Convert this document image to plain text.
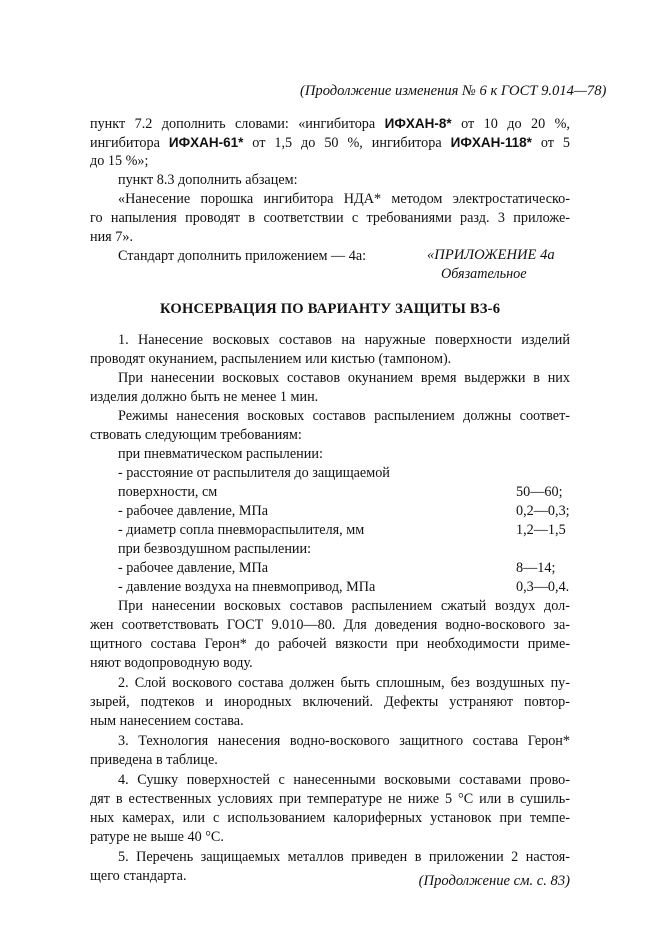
(Продолжение изменения № 6 к ГОСТ 9.014—78)
пункт 7.2 дополнить словами: «ингибитора ИФХАН-8* от 10 до 20 %,
ингибитора ИФХАН-61* от 1,5 до 50 %, ингибитора ИФХАН-118* от 5
до 15 %»;
пункт 8.3 дополнить абзацем:
«Нанесение порошка ингибитора НДА* методом электростатическо-
го напыления проводят в соответствии с требованиями разд. 3 приложе-
ния 7».
Стандарт дополнить приложением — 4а:	«ПРИЛОЖЕНИЕ 4а
Обязательное
КОНСЕРВАЦИЯ ПО ВАРИАНТУ ЗАЩИТЫ ВЗ-6
1. Нанесение восковых составов на наружные поверхности изделий
проводят окунанием, распылением или кистью (тампоном).
При нанесении восковых составов окунанием время выдержки в них
изделия должно быть не менее 1 мин.
Режимы нанесения восковых составов распылением должны соответ-
ствовать следующим требованиям:
при пневматическом распылении:
- расстояние от распылителя до защищаемой
поверхности, см	50—60;
- рабочее давление, МПа	0,2—0,3;
- диаметр сопла пневмораспылителя, мм	1,2—1,5
при безвоздушном распылении:
- рабочее давление, МПа	8—14;
- давление воздуха на пневмопривод, МПа	0,3—0,4.
При нанесении восковых составов распылением сжатый воздух дол-
жен соответствовать ГОСТ 9.010—80. Для доведения водно-воскового за-
щитного состава Герон* до рабочей вязкости при необходимости приме-
няют водопроводную воду.
2. Слой воскового состава должен быть сплошным, без воздушных пу-
зырей, подтеков и инородных включений. Дефекты устраняют повтор-
ным нанесением состава.
3. Технология нанесения водно-воскового защитного состава Герон*
приведена в таблице.
4. Сушку поверхностей с нанесенными восковыми составами прово-
дят в естественных условиях при температуре не ниже 5 °С или в сушиль-
ных камерах, или с использованием калориферных установок при темпе-
ратуре не выше 40 °С.
5. Перечень защищаемых металлов приведен в приложении 2 настоя-
щего стандарта.	(Продолжение см. с. 83)
